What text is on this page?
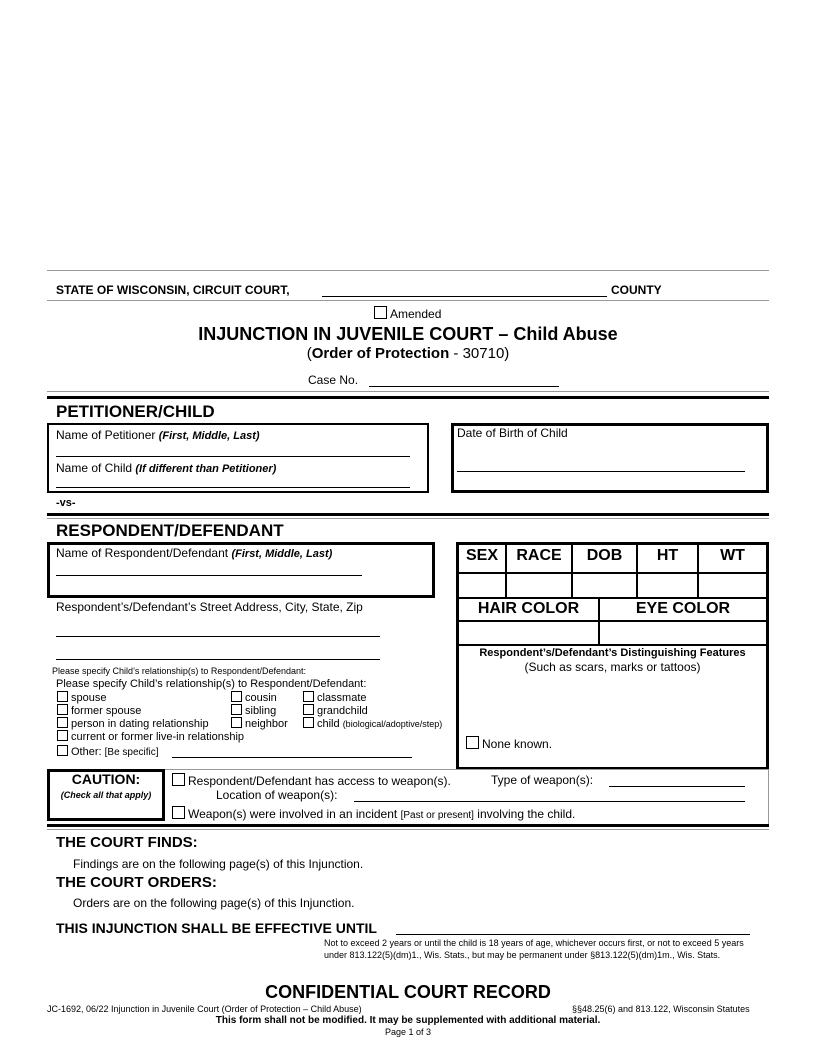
STATE OF WISCONSIN, CIRCUIT COURT,	COUNTY
Amended
INJUNCTION IN JUVENILE COURT – Child Abuse
(Order of Protection - 30710)
Case No.
PETITIONER/CHILD
Name of Petitioner (First, Middle, Last)
Name of Child (If different than Petitioner)
Date of Birth of Child
-vs-
RESPONDENT/DEFENDANT
Name of Respondent/Defendant (First, Middle, Last)
Respondent’s/Defendant’s Street Address, City, State, Zip
SEX	RACE	DOB	HT	WT
HAIR COLOR	EYE COLOR
Respondent’s/Defendant’s Distinguishing Features
(Such as scars, marks or tattoos)
None known.
Please specify Child’s relationship(s) to Respondent/Defendant:
Please specify Child’s relationship(s) to Respondent/Defendant:
spouse
former spouse
person in dating relationship
current or former live-in relationship
cousin
sibling
neighbor
classmate
grandchild
child (biological/adoptive/step)
Other: [Be specific]
CAUTION:
(Check all that apply)
Respondent/Defendant has access to weapon(s).	Type of weapon(s):
Location of weapon(s):
Weapon(s) were involved in an incident [Past or present] involving the child.
THE COURT FINDS:
Findings are on the following page(s) of this Injunction.
THE COURT ORDERS:
Orders are on the following page(s) of this Injunction.
THIS INJUNCTION SHALL BE EFFECTIVE UNTIL
Not to exceed 2 years or until the child is 18 years of age, whichever occurs first, or not to exceed 5 years
under 813.122(5)(dm)1., Wis. Stats., but may be permanent under §813.122(5)(dm)1m., Wis. Stats.
CONFIDENTIAL COURT RECORD
JC-1692, 06/22 Injunction in Juvenile Court (Order of Protection – Child Abuse)	§§48.25(6) and 813.122, Wisconsin Statutes
This form shall not be modified. It may be supplemented with additional material.
Page 1 of 3
